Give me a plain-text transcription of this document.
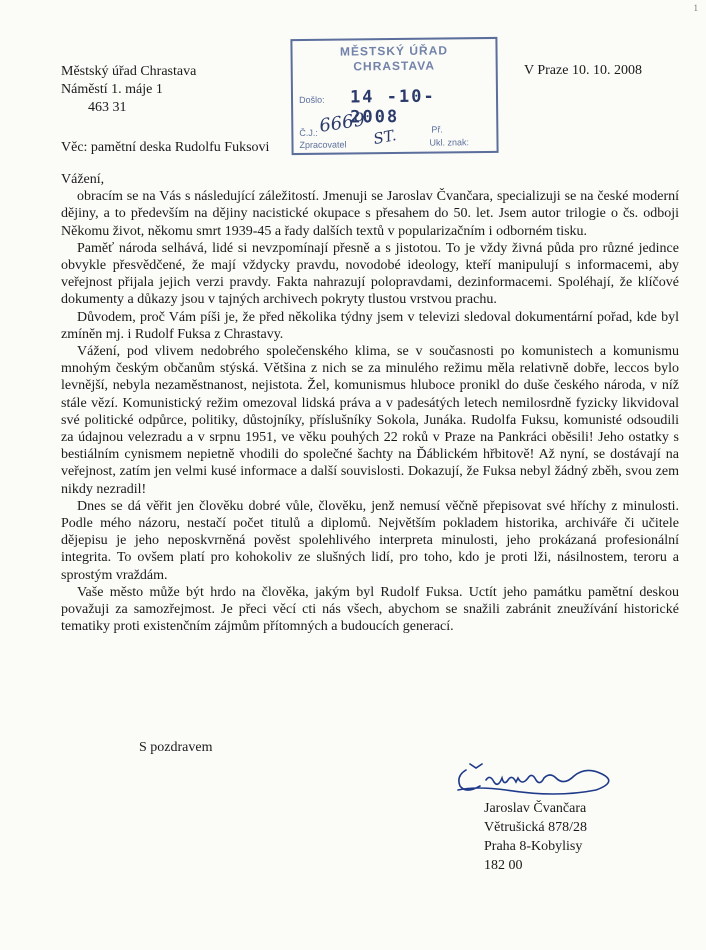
1
Městský úřad Chrastava
Náměstí 1. máje 1
463 31
V Praze 10. 10. 2008
MĚSTSKÝ ÚŘAD
CHRASTAVA
Došlo: 14 -10- 2008
Č.J.: 6669
Zpracovatel ST.	Př.
Ukl. znak:
Věc: pamětní deska Rudolfu Fuksovi
Vážení,

obracím se na Vás s následující záležitostí. Jmenuji se Jaroslav Čvančara, specializuji se na české moderní dějiny, a to především na dějiny nacistické okupace s přesahem do 50. let. Jsem autor trilogie o čs. odboji Někomu život, někomu smrt 1939-45 a řady dalších textů v popularizačním i odborném tisku.

Paměť národa selhává, lidé si nevzpomínají přesně a s jistotou. To je vždy živná půda pro různé jedince obvykle přesvědčené, že mají vždycky pravdu, novodobé ideology, kteří manipulují s informacemi, aby veřejnost přijala jejich verzi pravdy. Fakta nahrazují polopravdami, dezinformacemi. Spoléhají, že klíčové dokumenty a důkazy jsou v tajných archivech pokryty tlustou vrstvou prachu.

Důvodem, proč Vám píši je, že před několika týdny jsem v televizi sledoval dokumentární pořad, kde byl zmíněn mj. i Rudolf Fuksa z Chrastavy.

Vážení, pod vlivem nedobrého společenského klima, se v současnosti po komunistech a komunismu mnohým českým občanům stýská. Většina z nich se za minulého režimu měla relativně dobře, leccos bylo levnější, nebyla nezaměstnanost, nejistota. Žel, komunismus hluboce pronikl do duše českého národa, v níž stále vězí. Komunistický režim omezoval lidská práva a v padesátých letech nemilosrdně fyzicky likvidoval své politické odpůrce, politiky, důstojníky, příslušníky Sokola, Junáka. Rudolfa Fuksu, komunisté odsoudili za údajnou velezradu a v srpnu 1951, ve věku pouhých 22 roků v Praze na Pankráci oběsili! Jeho ostatky s bestiálním cynismem nepietně vhodili do společné šachty na Ďáblickém hřbitově! Až nyní, se dostávají na veřejnost, zatím jen velmi kusé informace a další souvislosti. Dokazují, že Fuksa nebyl žádný zběh, svou zem nikdy nezradil!

Dnes se dá věřit jen člověku dobré vůle, člověku, jenž nemusí věčně přepisovat své hříchy z minulosti. Podle mého názoru, nestačí počet titulů a diplomů. Největším pokladem historika, archiváře či učitele dějepisu je jeho neposkvrněná pověst spolehlivého interpreta minulosti, jeho prokázaná profesionální integrita. To ovšem platí pro kohokoliv ze slušných lidí, pro toho, kdo je proti lži, násilnostem, teroru a sprostým vraždám.

Vaše město může být hrdo na člověka, jakým byl Rudolf Fuksa. Uctít jeho památku pamětní deskou považuji za samozřejmost. Je přeci věcí cti nás všech, abychom se snažili zabránit zneužívání historické tematiky proti existenčním zájmům přítomných a budoucích generací.

S pozdravem
Jaroslav Čvančara
Větrušická 878/28
Praha 8-Kobylisy
182 00
